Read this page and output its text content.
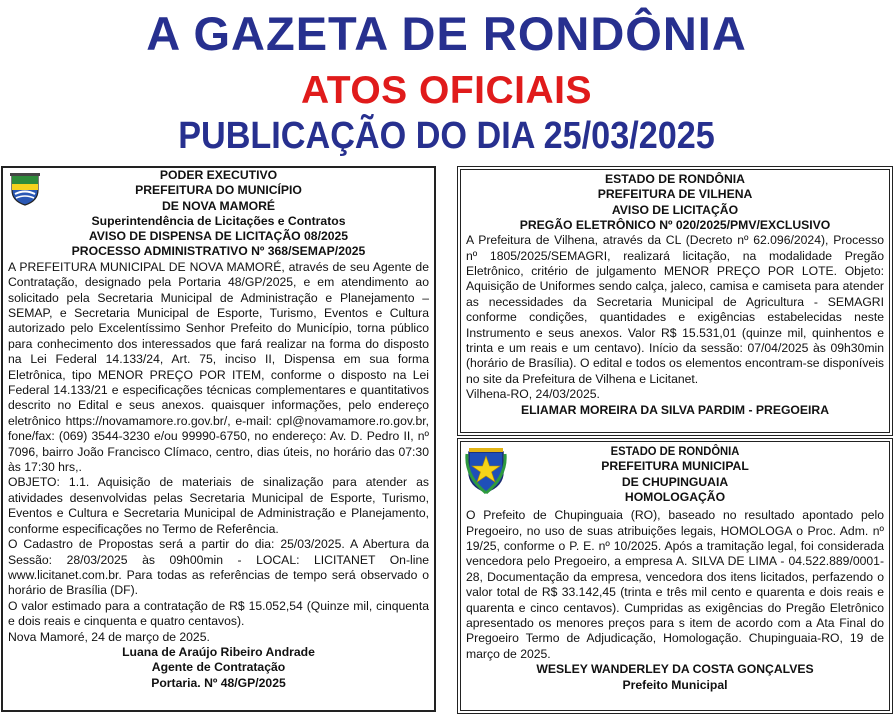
A GAZETA DE RONDÔNIA
ATOS OFICIAIS
PUBLICAÇÃO DO DIA 25/03/2025
PODER EXECUTIVO
PREFEITURA DO MUNICÍPIO
DE NOVA MAMORÉ
Superintendência de Licitações e Contratos
AVISO DE DISPENSA DE LICITAÇÃO 08/2025
PROCESSO ADMINISTRATIVO Nº 368/SEMAP/2025

A PREFEITURA MUNICIPAL DE NOVA MAMORÉ, através de seu Agente de Contratação, designado pela Portaria 48/GP/2025, e em atendimento ao solicitado pela Secretaria Municipal de Administração e Planejamento – SEMAP, e Secretaria Municipal de Esporte, Turismo, Eventos e Cultura autorizado pelo Excelentíssimo Senhor Prefeito do Município, torna público para conhecimento dos interessados que fará realizar na forma do disposto na Lei Federal 14.133/24, Art. 75, inciso II, Dispensa em sua forma Eletrônica, tipo MENOR PREÇO POR ITEM, conforme o disposto na Lei Federal 14.133/21 e especificações técnicas complementares e quantitativos descrito no Edital e seus anexos. quaisquer informações, pelo endereço eletrônico https://novamamore.ro.gov.br/, e-mail: cpl@novamamore.ro.gov.br, fone/fax: (069) 3544-3230 e/ou 99990-6750, no endereço: Av. D. Pedro II, nº 7096, bairro João Francisco Clímaco, centro, dias úteis, no horário das 07:30 às 17:30 hrs,.

OBJETO: 1.1. Aquisição de materiais de sinalização para atender as atividades desenvolvidas pelas Secretaria Municipal de Esporte, Turismo, Eventos e Cultura e Secretaria Municipal de Administração e Planejamento, conforme especificações no Termo de Referência.

O Cadastro de Propostas será a partir do dia: 25/03/2025. A Abertura da Sessão: 28/03/2025 às 09h00min - LOCAL: LICITANET On-line www.licitanet.com.br. Para todas as referências de tempo será observado o horário de Brasília (DF).

O valor estimado para a contratação de R$ 15.052,54 (Quinze mil, cinquenta e dois reais e cinquenta e quatro centavos).

Nova Mamoré, 24 de março de 2025.

Luana de Araújo Ribeiro Andrade
Agente de Contratação
Portaria. Nº 48/GP/2025
ESTADO DE RONDÔNIA
PREFEITURA DE VILHENA
AVISO DE LICITAÇÃO
PREGÃO ELETRÔNICO Nº 020/2025/PMV/EXCLUSIVO

A Prefeitura de Vilhena, através da CL (Decreto nº 62.096/2024), Processo nº 1805/2025/SEMAGRI, realizará licitação, na modalidade Pregão Eletrônico, critério de julgamento MENOR PREÇO POR LOTE. Objeto: Aquisição de Uniformes sendo calça, jaleco, camisa e camiseta para atender as necessidades da Secretaria Municipal de Agricultura - SEMAGRI conforme condições, quantidades e exigências estabelecidas neste Instrumento e seus anexos. Valor R$ 15.531,01 (quinze mil, quinhentos e trinta e um reais e um centavo). Início da sessão: 07/04/2025 às 09h30min (horário de Brasília). O edital e todos os elementos encontram-se disponíveis no site da Prefeitura de Vilhena e Licitanet.

Vilhena-RO, 24/03/2025.

ELIAMAR MOREIRA DA SILVA PARDIM - PREGOEIRA
ESTADO DE RONDÔNIA
PREFEITURA MUNICIPAL
DE CHUPINGUAIA
HOMOLOGAÇÃO

O Prefeito de Chupinguaia (RO), baseado no resultado apontado pelo Pregoeiro, no uso de suas atribuições legais, HOMOLOGA o Proc. Adm. nº 19/25, conforme o P. E. nº 10/2025. Após a tramitação legal, foi considerada vencedora pelo Pregoeiro, a empresa A. SILVA DE LIMA - 04.522.889/0001-28, Documentação da empresa, vencedora dos itens licitados, perfazendo o valor total de R$ 33.142,45 (trinta e três mil cento e quarenta e dois reais e quarenta e cinco centavos). Cumpridas as exigências do Pregão Eletrônico apresentado os menores preços para s item de acordo com a Ata Final do Pregoeiro Termo de Adjudicação, Homologação. Chupinguaia-RO, 19 de março de 2025.

WESLEY WANDERLEY DA COSTA GONÇALVES
Prefeito Municipal
